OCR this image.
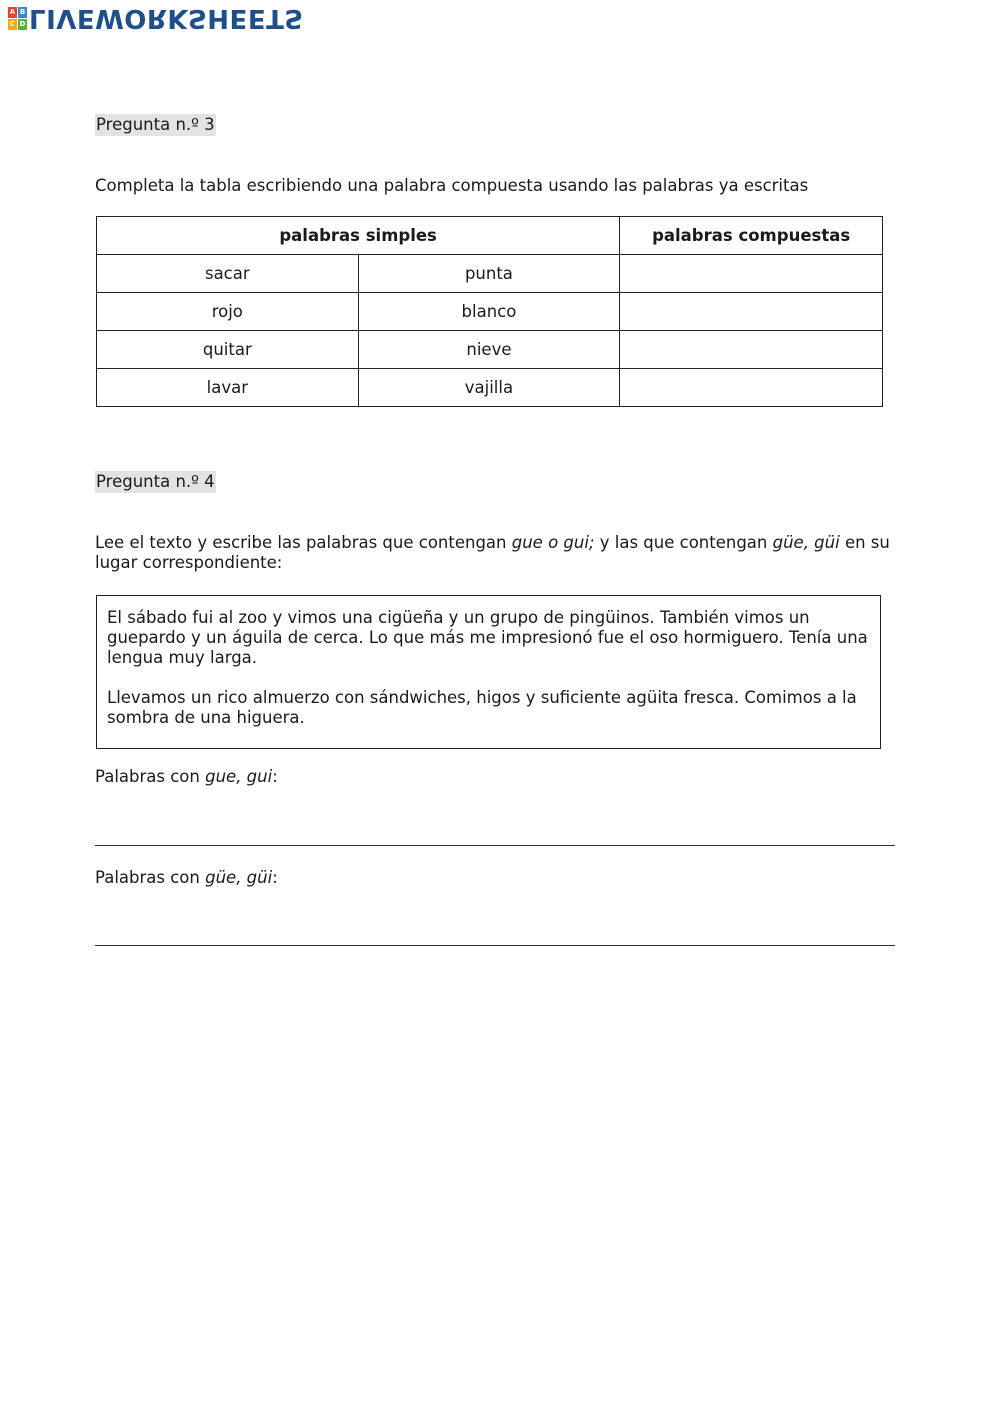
A B
C D LIVEWORKSHEETS
Pregunta n.º 3
Completa la tabla escribiendo una palabra compuesta usando las palabras ya escritas
palabras simples		palabras compuestas
sacar	punta	
rojo	blanco	
quitar	nieve	
lavar	vajilla	
Pregunta n.º 4
Lee el texto y escribe las palabras que contengan gue o gui; y las que contengan güe, güi en su lugar correspondiente:

El sábado fui al zoo y vimos una cigüeña y un grupo de pingüinos. También vimos un guepardo y un águila de cerca. Lo que más me impresionó fue el oso hormiguero. Tenía una lengua muy larga.

Llevamos un rico almuerzo con sándwiches, higos y suficiente agüita fresca. Comimos a la sombra de una higuera.

Palabras con gue, gui:
Palabras con güe, güi:
